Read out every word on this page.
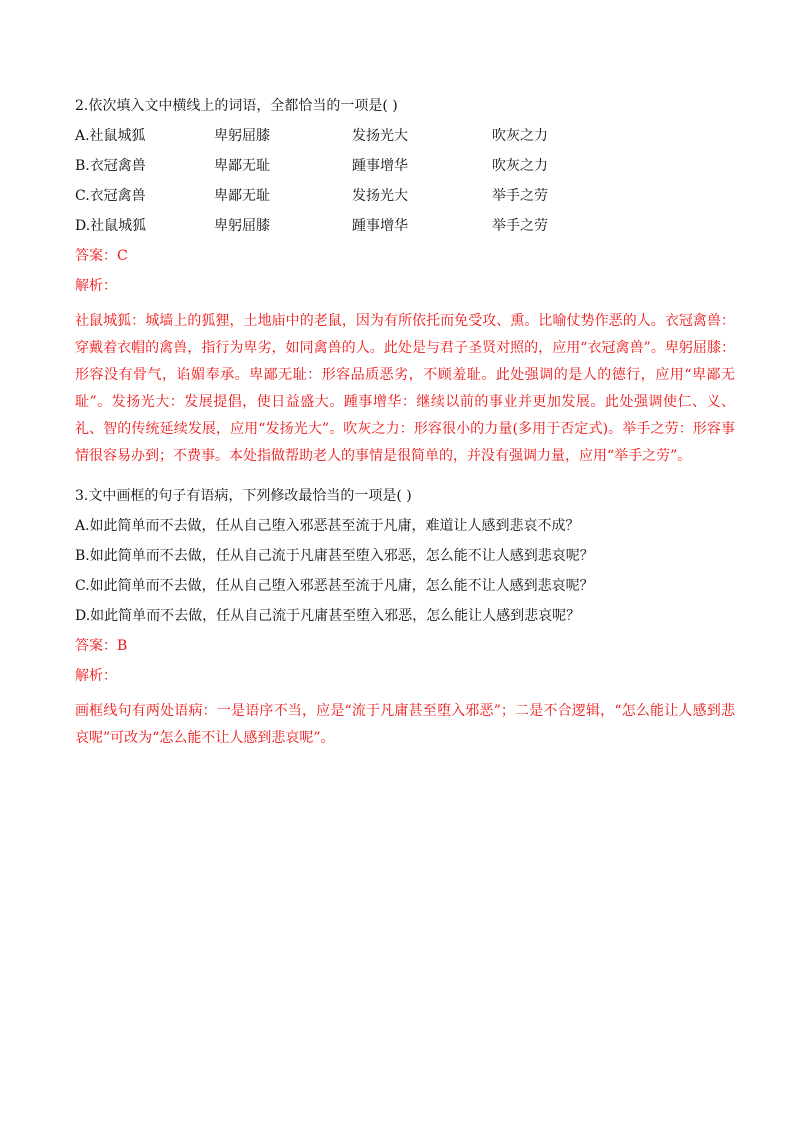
2.依次填入文中横线上的词语，全都恰当的一项是( )
A.社鼠城狐	卑躬屈膝	发扬光大	吹灰之力
B.衣冠禽兽	卑鄙无耻	踵事增华	吹灰之力
C.衣冠禽兽	卑鄙无耻	发扬光大	举手之劳
D.社鼠城狐	卑躬屈膝	踵事增华	举手之劳
答案：C
解析：

社鼠城狐：城墙上的狐狸，土地庙中的老鼠，因为有所依托而免受攻、熏。比喻仗势作恶的人。衣冠禽兽：穿戴着衣帽的禽兽，指行为卑劣，如同禽兽的人。此处是与君子圣贤对照的，应用“衣冠禽兽”。卑躬屈膝：形容没有骨气，谄媚奉承。卑鄙无耻：形容品质恶劣，不顾羞耻。此处强调的是人的德行，应用“卑鄙无耻”。发扬光大：发展提倡，使日益盛大。踵事增华：继续以前的事业并更加发展。此处强调使仁、义、礼、智的传统延续发展，应用“发扬光大”。吹灰之力：形容很小的力量(多用于否定式)。举手之劳：形容事情很容易办到；不费事。本处指做帮助老人的事情是很简单的，并没有强调力量，应用“举手之劳”。

3.文中画框的句子有语病，下列修改最恰当的一项是( )
A.如此简单而不去做，任从自己堕入邪恶甚至流于凡庸，难道让人感到悲哀不成？
B.如此简单而不去做，任从自己流于凡庸甚至堕入邪恶，怎么能不让人感到悲哀呢？
C.如此简单而不去做，任从自己堕入邪恶甚至流于凡庸，怎么能不让人感到悲哀呢？
D.如此简单而不去做，任从自己流于凡庸甚至堕入邪恶，怎么能让人感到悲哀呢？
答案：B
解析：

画框线句有两处语病：一是语序不当，应是“流于凡庸甚至堕入邪恶”；二是不合逻辑，“怎么能让人感到悲哀呢”可改为“怎么能不让人感到悲哀呢”。
